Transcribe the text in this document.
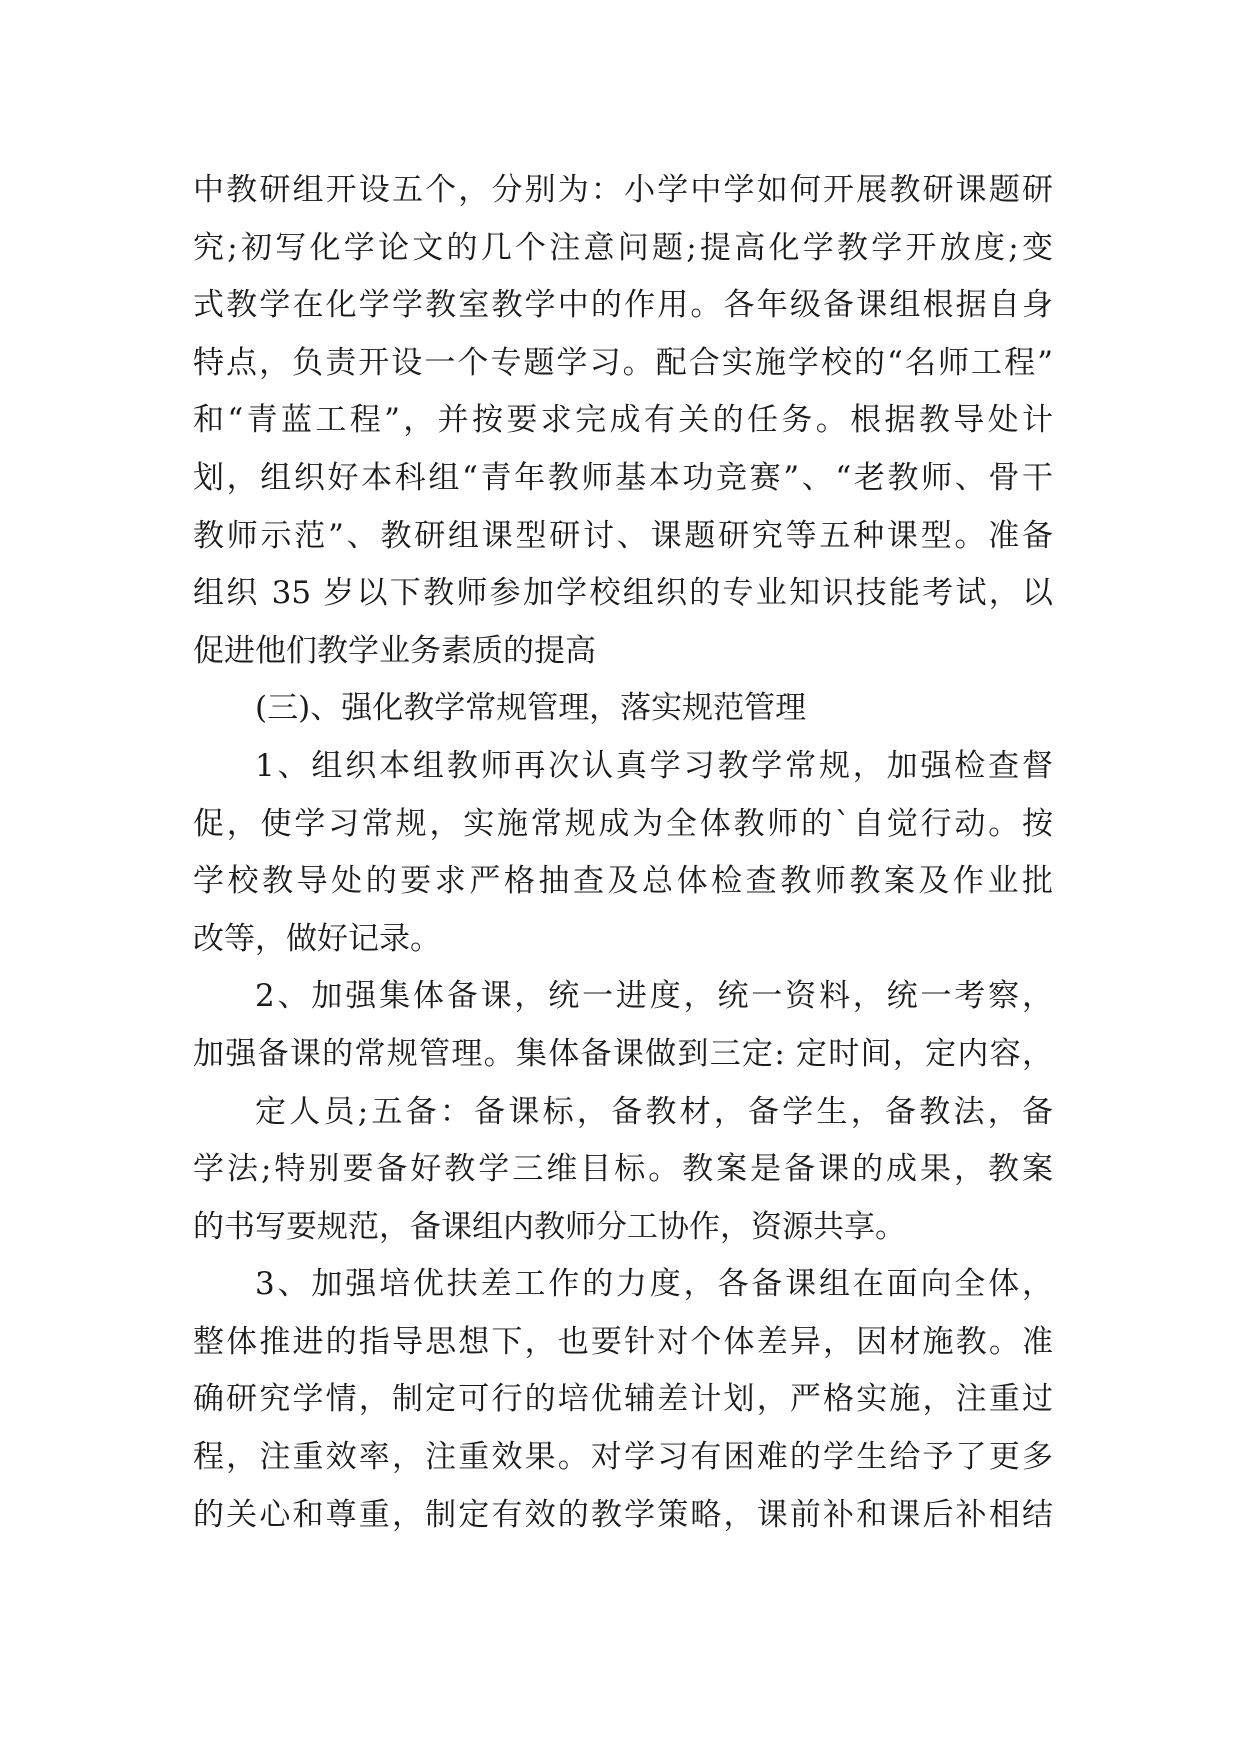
中教研组开设五个，分别为：小学中学如何开展教研课题研
究;初写化学论文的几个注意问题;提高化学教学开放度;变
式教学在化学学教室教学中的作用。各年级备课组根据自身
特点，负责开设一个专题学习。配合实施学校的“名师工程”
和“青蓝工程”，并按要求完成有关的任务。根据教导处计
划，组织好本科组“青年教师基本功竞赛”、“老教师、骨干
教师示范”、教研组课型研讨、课题研究等五种课型。准备
组织 35 岁以下教师参加学校组织的专业知识技能考试，以
促进他们教学业务素质的提高
(三)、强化教学常规管理，落实规范管理
1、组织本组教师再次认真学习教学常规，加强检查督
促，使学习常规，实施常规成为全体教师的`自觉行动。按
学校教导处的要求严格抽查及总体检查教师教案及作业批
改等，做好记录。
2、加强集体备课，统一进度，统一资料，统一考察，
加强备课的常规管理。集体备课做到三定: 定时间，定内容，
定人员;五备：备课标，备教材，备学生，备教法，备
学法;特别要备好教学三维目标。教案是备课的成果，教案
的书写要规范，备课组内教师分工协作，资源共享。
3、加强培优扶差工作的力度，各备课组在面向全体，
整体推进的指导思想下，也要针对个体差异，因材施教。准
确研究学情，制定可行的培优辅差计划，严格实施，注重过
程，注重效率，注重效果。对学习有困难的学生给予了更多
的关心和尊重，制定有效的教学策略，课前补和课后补相结
